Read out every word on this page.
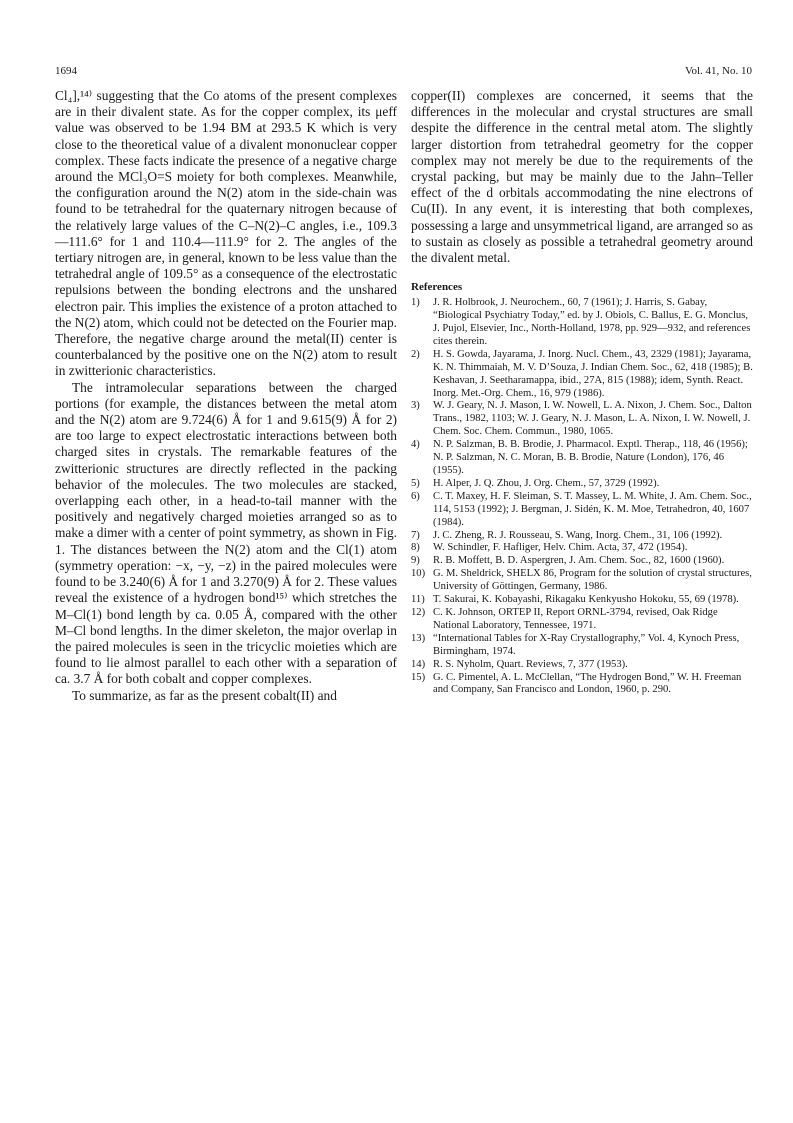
1694	Vol. 41, No. 10

Cl₄],¹⁴⁾ suggesting that the Co atoms of the present complexes are in their divalent state. As for the copper complex, its μeff value was observed to be 1.94 BM at 293.5 K which is very close to the theoretical value of a divalent mononuclear copper complex. These facts indicate the presence of a negative charge around the MCl₃O=S moiety for both complexes. Meanwhile, the configuration around the N(2) atom in the side-chain was found to be tetrahedral for the quaternary nitrogen because of the relatively large values of the C–N(2)–C angles, i.e., 109.3—111.6° for 1 and 110.4—111.9° for 2. The angles of the tertiary nitrogen are, in general, known to be less value than the tetrahedral angle of 109.5° as a consequence of the electrostatic repulsions between the bonding electrons and the unshared electron pair. This implies the existence of a proton attached to the N(2) atom, which could not be detected on the Fourier map. Therefore, the negative charge around the metal(II) center is counterbalanced by the positive one on the N(2) atom to result in zwitterionic characteristics.

The intramolecular separations between the charged portions (for example, the distances between the metal atom and the N(2) atom are 9.724(6) Å for 1 and 9.615(9) Å for 2) are too large to expect electrostatic interactions between both charged sites in crystals. The remarkable features of the zwitterionic structures are directly reflected in the packing behavior of the molecules. The two molecules are stacked, overlapping each other, in a head-to-tail manner with the positively and negatively charged moieties arranged so as to make a dimer with a center of point symmetry, as shown in Fig. 1. The distances between the N(2) atom and the Cl(1) atom (symmetry operation: −x, −y, −z) in the paired molecules were found to be 3.240(6) Å for 1 and 3.270(9) Å for 2. These values reveal the existence of a hydrogen bond¹⁵⁾ which stretches the M–Cl(1) bond length by ca. 0.05 Å, compared with the other M–Cl bond lengths. In the dimer skeleton, the major overlap in the paired molecules is seen in the tricyclic moieties which are found to lie almost parallel to each other with a separation of ca. 3.7 Å for both cobalt and copper complexes.

To summarize, as far as the present cobalt(II) and

copper(II) complexes are concerned, it seems that the differences in the molecular and crystal structures are small despite the difference in the central metal atom. The slightly larger distortion from tetrahedral geometry for the copper complex may not merely be due to the requirements of the crystal packing, but may be mainly due to the Jahn–Teller effect of the d orbitals accommodating the nine electrons of Cu(II). In any event, it is interesting that both complexes, possessing a large and unsymmetrical ligand, are arranged so as to sustain as closely as possible a tetrahedral geometry around the divalent metal.

References
1)	J. R. Holbrook, J. Neurochem., 60, 7 (1961); J. Harris, S. Gabay, “Biological Psychiatry Today,” ed. by J. Obiols, C. Ballus, E. G. Monclus, J. Pujol, Elsevier, Inc., North-Holland, 1978, pp. 929—932, and references cites therein.
2)	H. S. Gowda, Jayarama, J. Inorg. Nucl. Chem., 43, 2329 (1981); Jayarama, K. N. Thimmaiah, M. V. D’Souza, J. Indian Chem. Soc., 62, 418 (1985); B. Keshavan, J. Seetharamappa, ibid., 27A, 815 (1988); idem, Synth. React. Inorg. Met.-Org. Chem., 16, 979 (1986).
3)	W. J. Geary, N. J. Mason, I. W. Nowell, L. A. Nixon, J. Chem. Soc., Dalton Trans., 1982, 1103; W. J. Geary, N. J. Mason, L. A. Nixon, I. W. Nowell, J. Chem. Soc. Chem. Commun., 1980, 1065.
4)	N. P. Salzman, B. B. Brodie, J. Pharmacol. Exptl. Therap., 118, 46 (1956); N. P. Salzman, N. C. Moran, B. B. Brodie, Nature (London), 176, 46 (1955).
5)	H. Alper, J. Q. Zhou, J. Org. Chem., 57, 3729 (1992).
6)	C. T. Maxey, H. F. Sleiman, S. T. Massey, L. M. White, J. Am. Chem. Soc., 114, 5153 (1992); J. Bergman, J. Sidén, K. M. Moe, Tetrahedron, 40, 1607 (1984).
7)	J. C. Zheng, R. J. Rousseau, S. Wang, Inorg. Chem., 31, 106 (1992).
8)	W. Schindler, F. Hafliger, Helv. Chim. Acta, 37, 472 (1954).
9)	R. B. Moffett, B. D. Aspergren, J. Am. Chem. Soc., 82, 1600 (1960).
10) G. M. Sheldrick, SHELX 86, Program for the solution of crystal structures, University of Göttingen, Germany, 1986.
11) T. Sakurai, K. Kobayashi, Rikagaku Kenkyusho Hokoku, 55, 69 (1978).
12) C. K. Johnson, ORTEP II, Report ORNL-3794, revised, Oak Ridge National Laboratory, Tennessee, 1971.
13) “International Tables for X-Ray Crystallography,” Vol. 4, Kynoch Press, Birmingham, 1974.
14) R. S. Nyholm, Quart. Reviews, 7, 377 (1953).
15) G. C. Pimentel, A. L. McClellan, “The Hydrogen Bond,” W. H. Freeman and Company, San Francisco and London, 1960, p. 290.
